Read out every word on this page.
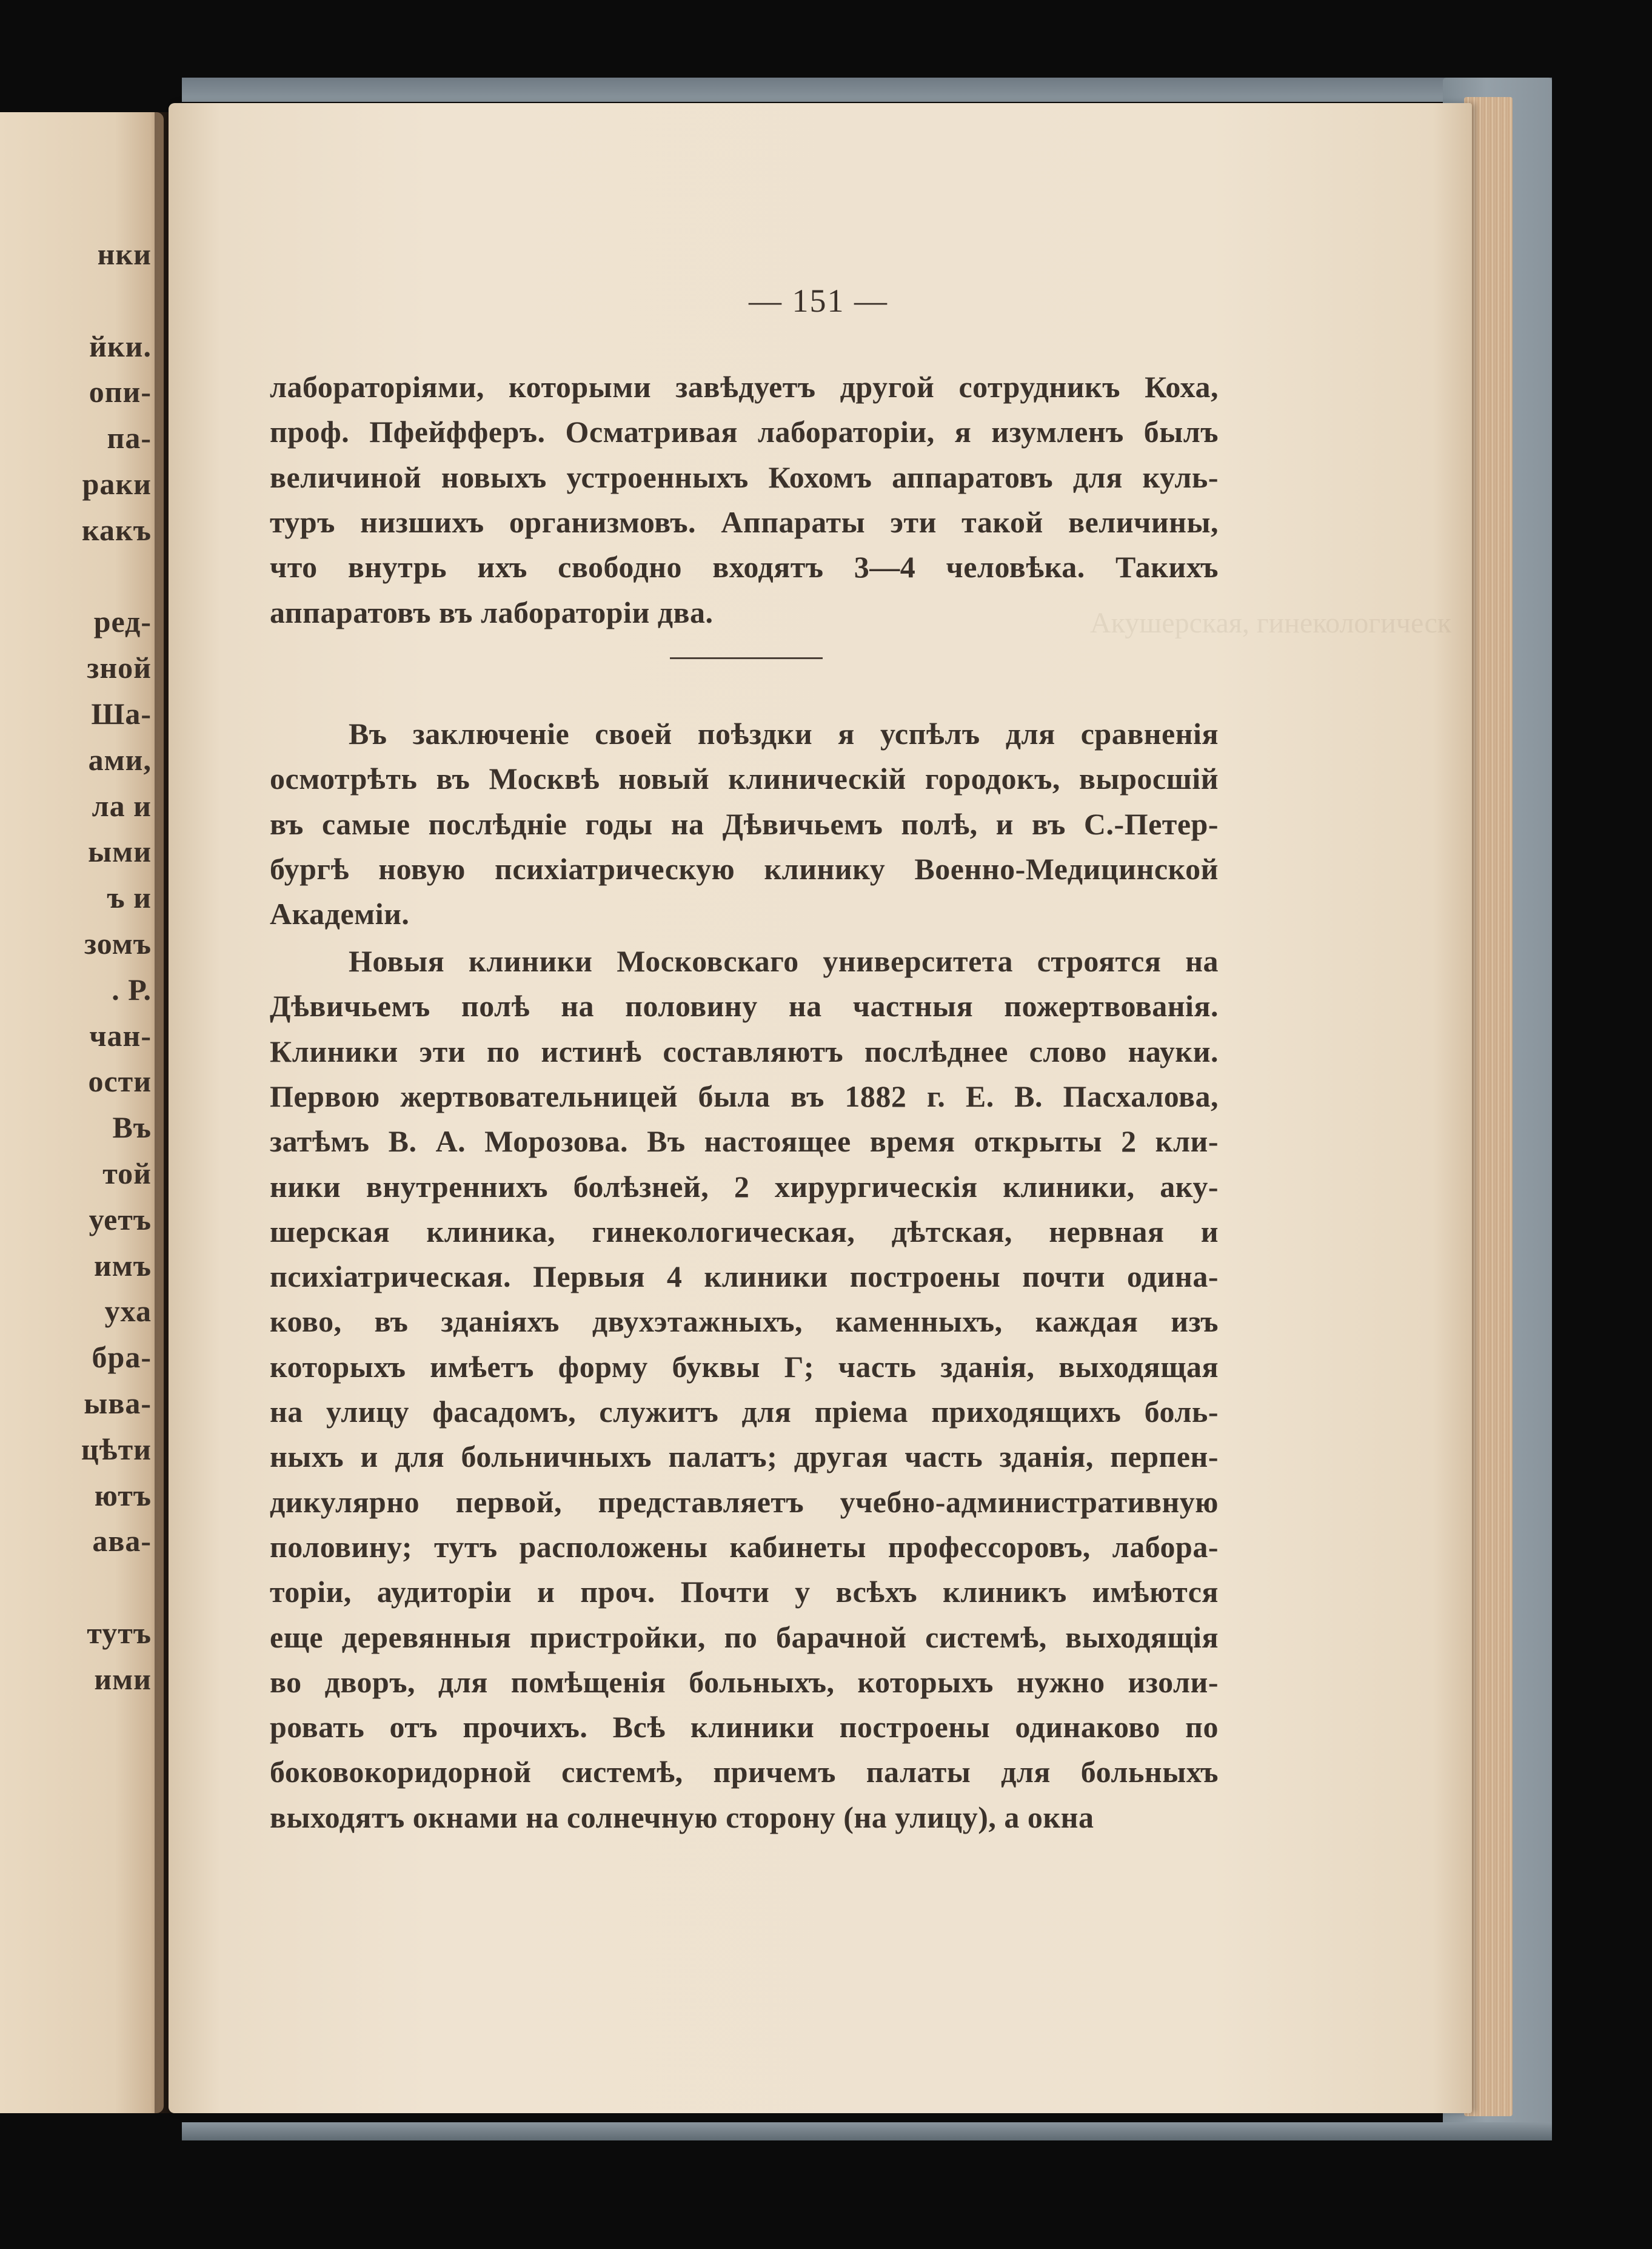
нки
йки.
опи-
па-
раки
какъ
ред-
зной
Ша-
ами,
ла и
ыми
ъ и
зомъ
. Р.
чан-
ости
Въ
той
уетъ
имъ
уха
бра-
ыва-
цѣти
ютъ
ава-
тутъ
ими
Акушерская, гинекологическ
— 151 —
лабораторіями, которыми завѣдуетъ другой сотрудникъ Коха,
проф. Пфейфферъ. Осматривая лабораторіи, я изумленъ былъ
величиной новыхъ устроенныхъ Кохомъ аппаратовъ для куль-
туръ низшихъ организмовъ. Аппараты эти такой величины,
что внутрь ихъ свободно входятъ 3—4 человѣка. Такихъ
аппаратовъ въ лабораторіи два.
Въ заключеніе своей поѣздки я успѣлъ для сравненія
осмотрѣть въ Москвѣ новый клиническій городокъ, выросшій
въ самые послѣдніе годы на Дѣвичьемъ полѣ, и въ С.-Петер-
бургѣ новую психіатрическую клинику Военно-Медицинской
Академіи.
Новыя клиники Московскаго университета строятся на
Дѣвичьемъ полѣ на половину на частныя пожертвованія.
Клиники эти по истинѣ составляютъ послѣднее слово науки.
Первою жертвовательницей была въ 1882 г. Е. В. Пасхалова,
затѣмъ В. А. Морозова. Въ настоящее время открыты 2 кли-
ники внутреннихъ болѣзней, 2 хирургическія клиники, аку-
шерская клиника, гинекологическая, дѣтская, нервная и
психіатрическая. Первыя 4 клиники построены почти одина-
ково, въ зданіяхъ двухэтажныхъ, каменныхъ, каждая изъ
которыхъ имѣетъ форму буквы Г; часть зданія, выходящая
на улицу фасадомъ, служитъ для пріема приходящихъ боль-
ныхъ и для больничныхъ палатъ; другая часть зданія, перпен-
дикулярно первой, представляетъ учебно-административную
половину; тутъ расположены кабинеты профессоровъ, лабора-
торіи, аудиторіи и проч. Почти у всѣхъ клиникъ имѣются
еще деревянныя пристройки, по барачной системѣ, выходящія
во дворъ, для помѣщенія больныхъ, которыхъ нужно изоли-
ровать отъ прочихъ. Всѣ клиники построены одинаково по
боковокоридорной системѣ, причемъ палаты для больныхъ
выходятъ окнами на солнечную сторону (на улицу), а окна
